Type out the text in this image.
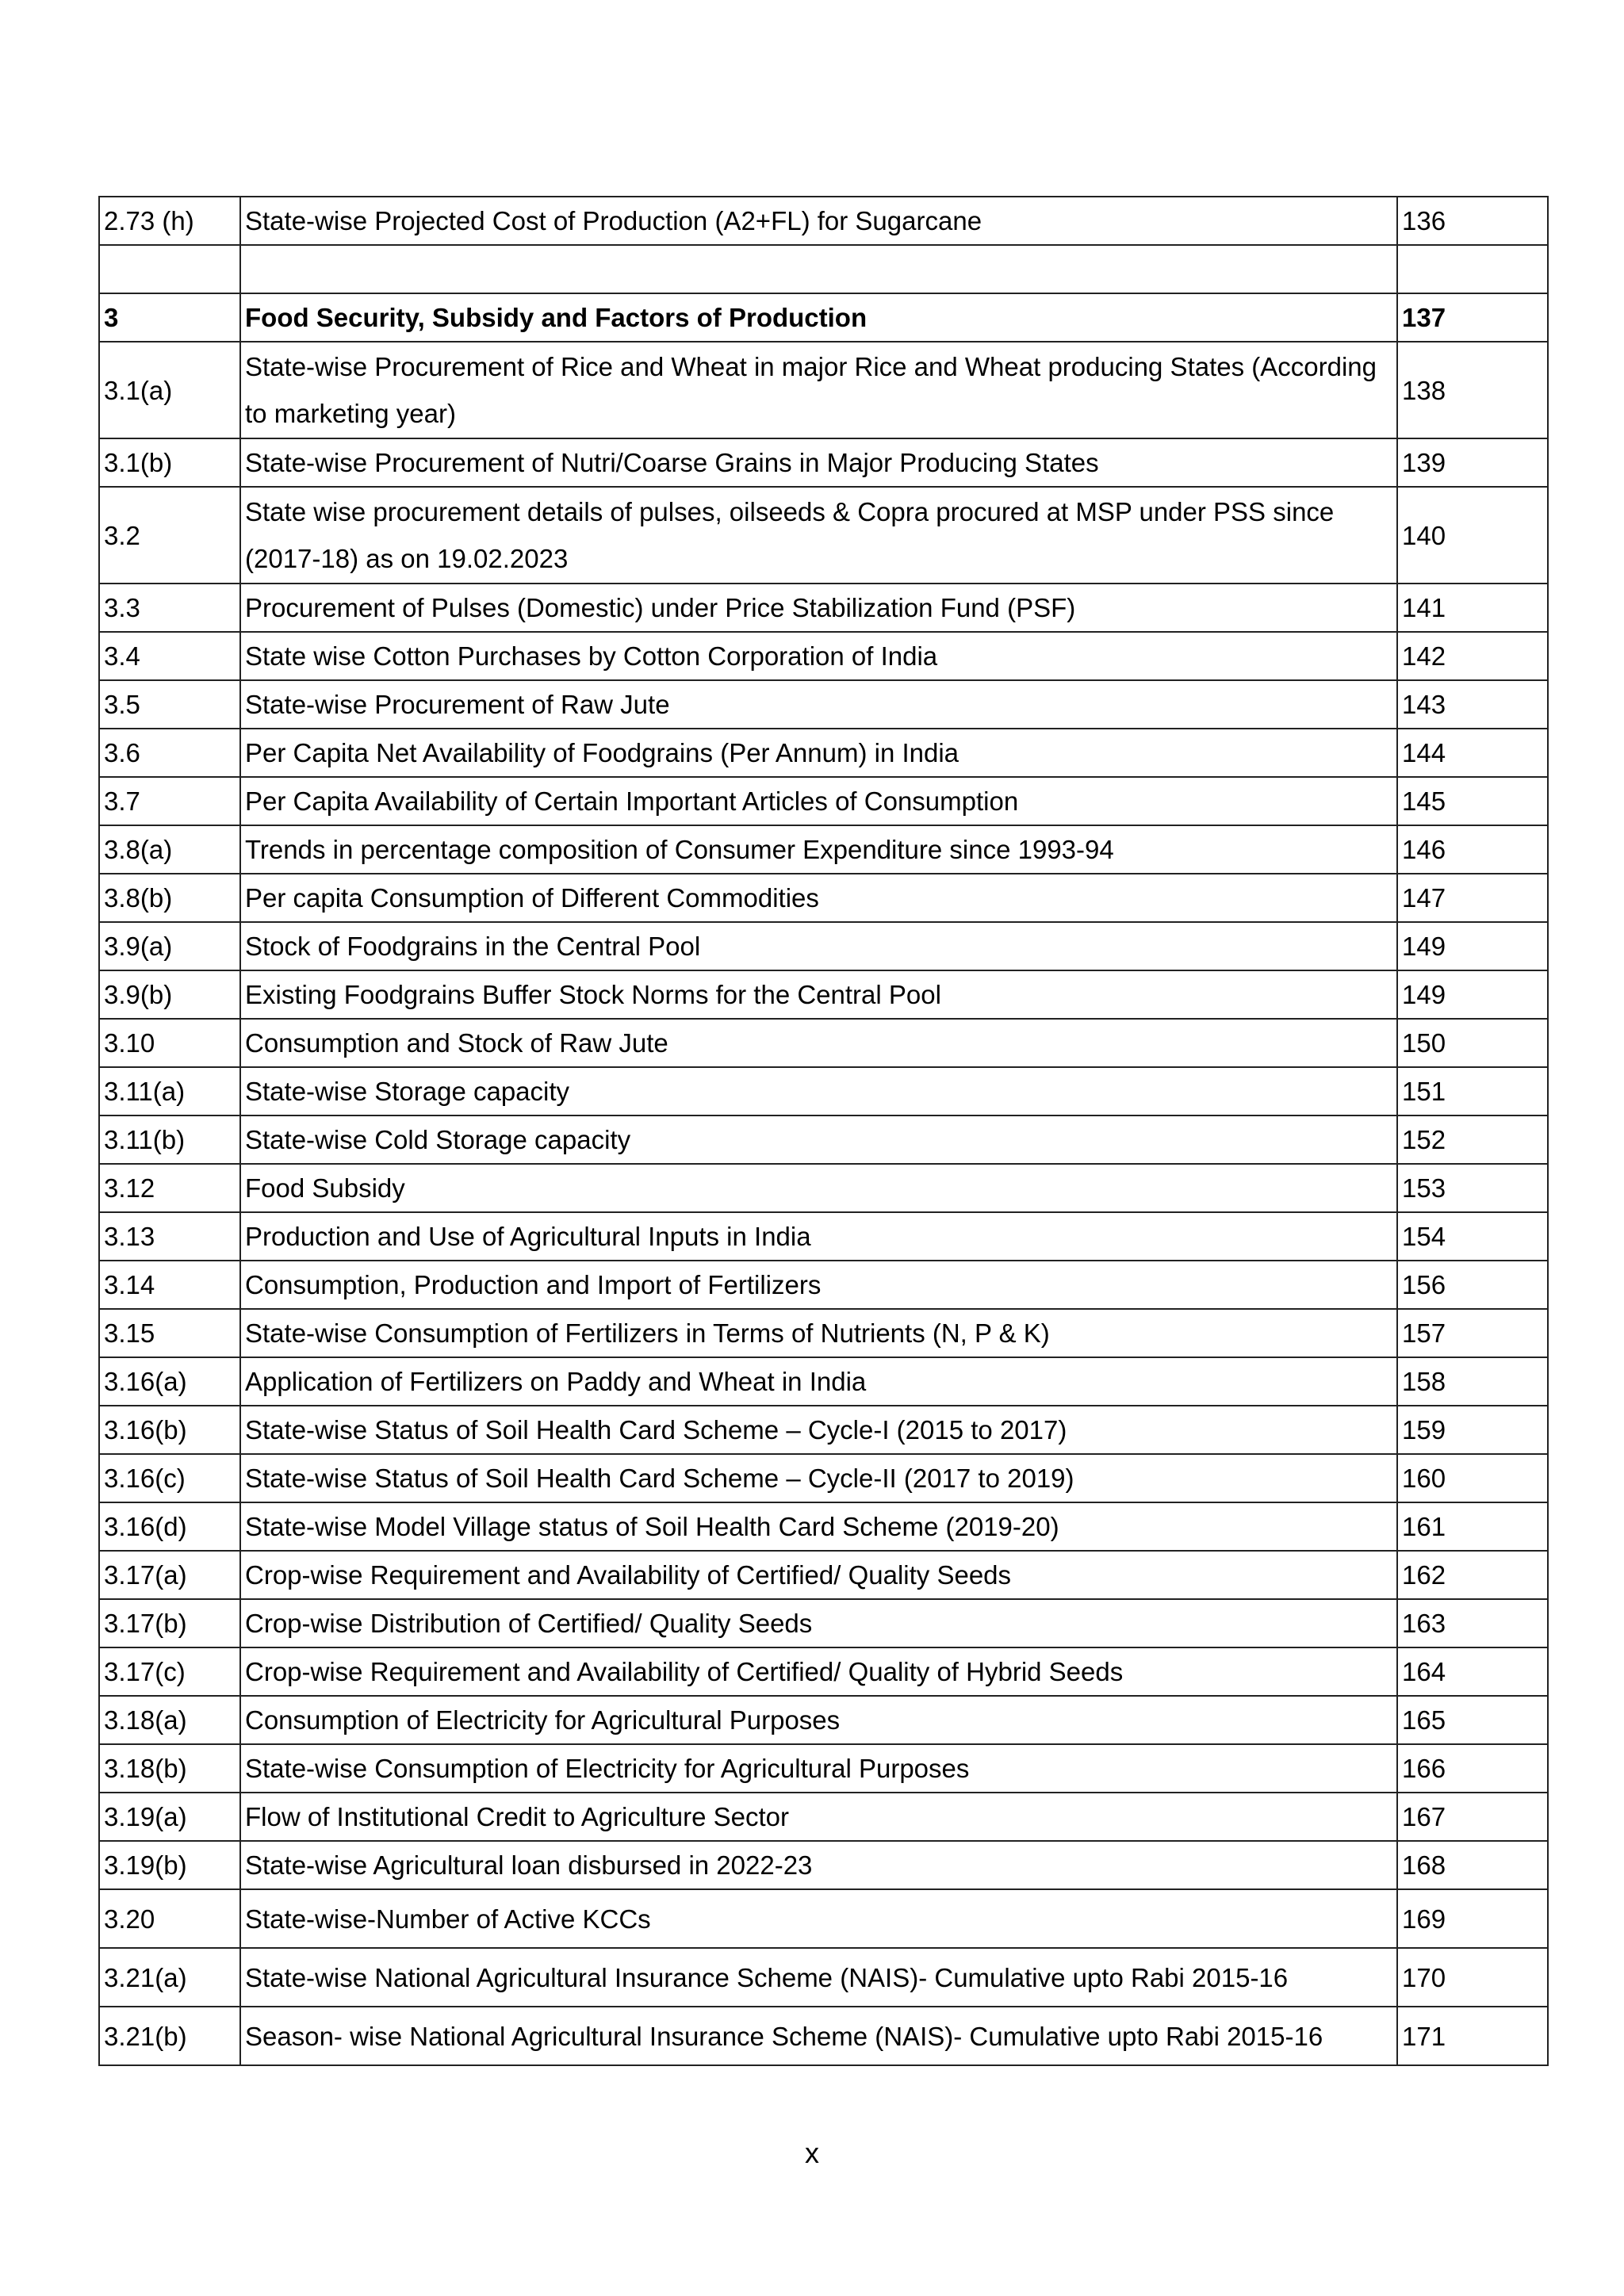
2.73 (h)	State-wise Projected Cost of Production (A2+FL) for Sugarcane	136

3	Food Security, Subsidy and Factors of Production	137
3.1(a)	State-wise Procurement of Rice and Wheat in major Rice and Wheat producing States (According to marketing year)	138
3.1(b)	State-wise Procurement of Nutri/Coarse Grains in Major Producing States	139
3.2	State wise procurement details of pulses, oilseeds & Copra procured at MSP under PSS since (2017-18) as on 19.02.2023	140
3.3	Procurement of Pulses (Domestic) under Price Stabilization Fund (PSF)	141
3.4	State wise Cotton Purchases by Cotton Corporation of India	142
3.5	State-wise Procurement of Raw Jute	143
3.6	Per Capita Net Availability of Foodgrains (Per Annum) in India	144
3.7	Per Capita Availability of Certain Important Articles of Consumption	145
3.8(a)	Trends in percentage composition of Consumer Expenditure since 1993-94	146
3.8(b)	Per capita Consumption of Different Commodities	147
3.9(a)	Stock of Foodgrains in the Central Pool	149
3.9(b)	Existing Foodgrains Buffer Stock Norms for the Central Pool	149
3.10	Consumption and Stock of Raw Jute	150
3.11(a)	State-wise Storage capacity	151
3.11(b)	State-wise Cold Storage capacity	152
3.12	Food Subsidy	153
3.13	Production and Use of Agricultural Inputs in India	154
3.14	Consumption, Production and Import of Fertilizers	156
3.15	State-wise Consumption of Fertilizers in Terms of Nutrients (N, P & K)	157
3.16(a)	Application of Fertilizers on Paddy and Wheat in India	158
3.16(b)	State-wise Status of Soil Health Card Scheme – Cycle-I (2015 to 2017)	159
3.16(c)	State-wise Status of Soil Health Card Scheme – Cycle-II (2017 to 2019)	160
3.16(d)	State-wise Model Village status of Soil Health Card Scheme (2019-20)	161
3.17(a)	Crop-wise Requirement and Availability of Certified/ Quality Seeds	162
3.17(b)	Crop-wise Distribution of Certified/ Quality Seeds	163
3.17(c)	Crop-wise Requirement and Availability of Certified/ Quality of Hybrid Seeds	164
3.18(a)	Consumption of Electricity for Agricultural Purposes	165
3.18(b)	State-wise Consumption of Electricity for Agricultural Purposes	166
3.19(a)	Flow of Institutional Credit to Agriculture Sector	167
3.19(b)	State-wise Agricultural loan disbursed in 2022-23	168
3.20	State-wise-Number of Active KCCs	169
3.21(a)	State-wise National Agricultural Insurance Scheme (NAIS)- Cumulative upto Rabi 2015-16	170
3.21(b)	Season- wise National Agricultural Insurance Scheme (NAIS)- Cumulative upto Rabi 2015-16	171
x
